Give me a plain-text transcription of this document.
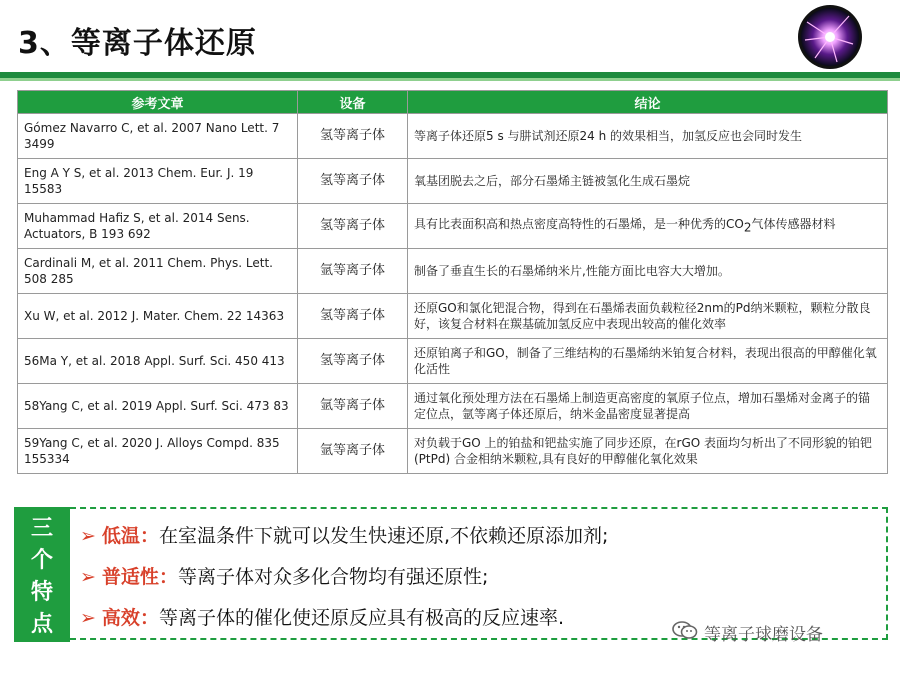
3、等离子体还原
参考文章	设备	结论
Gómez Navarro C, et al. 2007 Nano Lett. 7 3499	氢等离子体	等离子体还原5 s 与肼试剂还原24 h 的效果相当，加氢反应也会同时发生
Eng A Y S, et al. 2013 Chem. Eur. J. 19 15583	氢等离子体	氧基团脱去之后，部分石墨烯主链被氢化生成石墨烷
Muhammad Hafiz S, et al. 2014 Sens. Actuators, B 193 692	氢等离子体	具有比表面积高和热点密度高特性的石墨烯，是一种优秀的$CO_2$气体传感器材料
Cardinali M, et al. 2011 Chem. Phys. Lett. 508 285	氩等离子体	制备了垂直生长的石墨烯纳米片,性能方面比电容大大增加。
Xu W, et al. 2012 J. Mater. Chem. 22 14363	氢等离子体	还原GO和氯化钯混合物，得到在石墨烯表面负载粒径2nm的Pd纳米颗粒，颗粒分散良好，该复合材料在羰基硫加氢反应中表现出较高的催化效率
56Ma Y, et al. 2018 Appl. Surf. Sci. 450 413	氢等离子体	还原铂离子和GO，制备了三维结构的石墨烯纳米铂复合材料，表现出很高的甲醇催化氧化活性
58Yang C, et al. 2019 Appl. Surf. Sci. 473 83	氩等离子体	通过氧化预处理方法在石墨烯上制造更高密度的氧原子位点，增加石墨烯对金离子的锚定位点，氩等离子体还原后，纳米金晶密度显著提高
59Yang C, et al. 2020 J. Alloys Compd. 835 155334	氩等离子体	对负载于GO 上的铂盐和钯盐实施了同步还原，在rGO 表面均匀析出了不同形貌的铂钯(PtPd) 合金相纳米颗粒,具有良好的甲醇催化氧化效果
三
个
特
点
➢ 低温：在室温条件下就可以发生快速还原,不依赖还原添加剂;
➢ 普适性：等离子体对众多化合物均有强还原性;
➢ 高效：等离子体的催化使还原反应具有极高的反应速率.
等离子球磨设备
